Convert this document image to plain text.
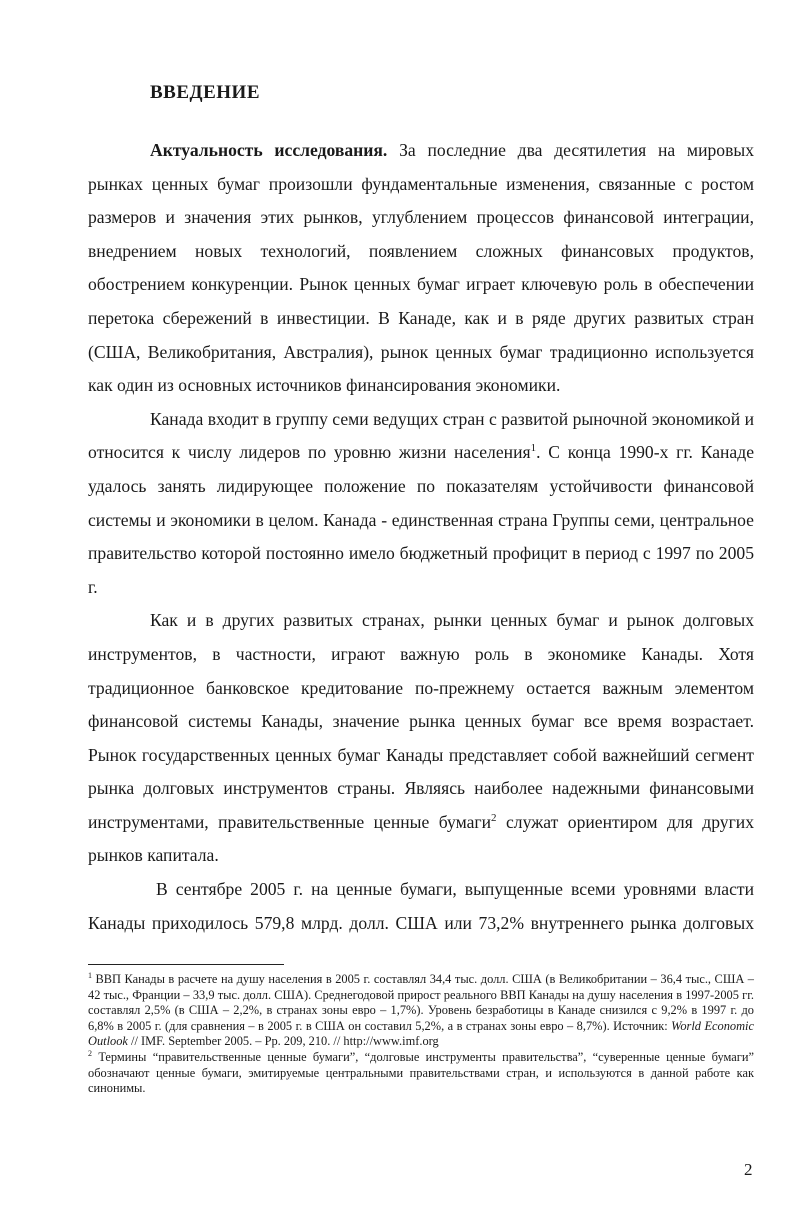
ВВЕДЕНИЕ

Актуальность исследования. За последние два десятилетия на мировых рынках ценных бумаг произошли фундаментальные изменения, связанные с ростом размеров и значения этих рынков, углублением процессов финансовой интеграции, внедрением новых технологий, появлением сложных финансовых продуктов, обострением конкуренции. Рынок ценных бумаг играет ключевую роль в обеспечении перетока сбережений в инвестиции. В Канаде, как и в ряде других развитых стран (США, Великобритания, Австралия), рынок ценных бумаг традиционно используется как один из основных источников финансирования экономики.

Канада входит в группу семи ведущих стран с развитой рыночной экономикой и относится к числу лидеров по уровню жизни населения$^1$. С конца 1990-х гг. Канаде удалось занять лидирующее положение по показателям устойчивости финансовой системы и экономики в целом. Канада - единственная страна Группы семи, центральное правительство которой постоянно имело бюджетный профицит в период с 1997 по 2005 г.

Как и в других развитых странах, рынки ценных бумаг и рынок долговых инструментов, в частности, играют важную роль в экономике Канады. Хотя традиционное банковское кредитование по-прежнему остается важным элементом финансовой системы Канады, значение рынка ценных бумаг все время возрастает. Рынок государственных ценных бумаг Канады представляет собой важнейший сегмент рынка долговых инструментов страны. Являясь наиболее надежными финансовыми инструментами, правительственные ценные бумаги$^2$ служат ориентиром для других рынков капитала.

В сентябре 2005 г. на ценные бумаги, выпущенные всеми уровнями власти Канады приходилось 579,8 млрд. долл. США или 73,2% внутреннего рынка долговых

$^1$ ВВП Канады в расчете на душу населения в 2005 г. составлял 34,4 тыс. долл. США (в Великобритании – 36,4 тыс., США – 42 тыс., Франции – 33,9 тыс. долл. США). Среднегодовой прирост реального ВВП Канады на душу населения в 1997-2005 гг. составлял 2,5% (в США – 2,2%, в странах зоны евро – 1,7%). Уровень безработицы в Канаде снизился с 9,2% в 1997 г. до 6,8% в 2005 г. (для сравнения – в 2005 г. в США он составил 5,2%, а в странах зоны евро – 8,7%). Источник: World Economic Outlook // IMF. September 2005. – Pp. 209, 210. // http://www.imf.org

$^2$ Термины “правительственные ценные бумаги”, “долговые инструменты правительства”, “суверенные ценные бумаги” обозначают ценные бумаги, эмитируемые центральными правительствами стран, и используются в данной работе как синонимы.

2
